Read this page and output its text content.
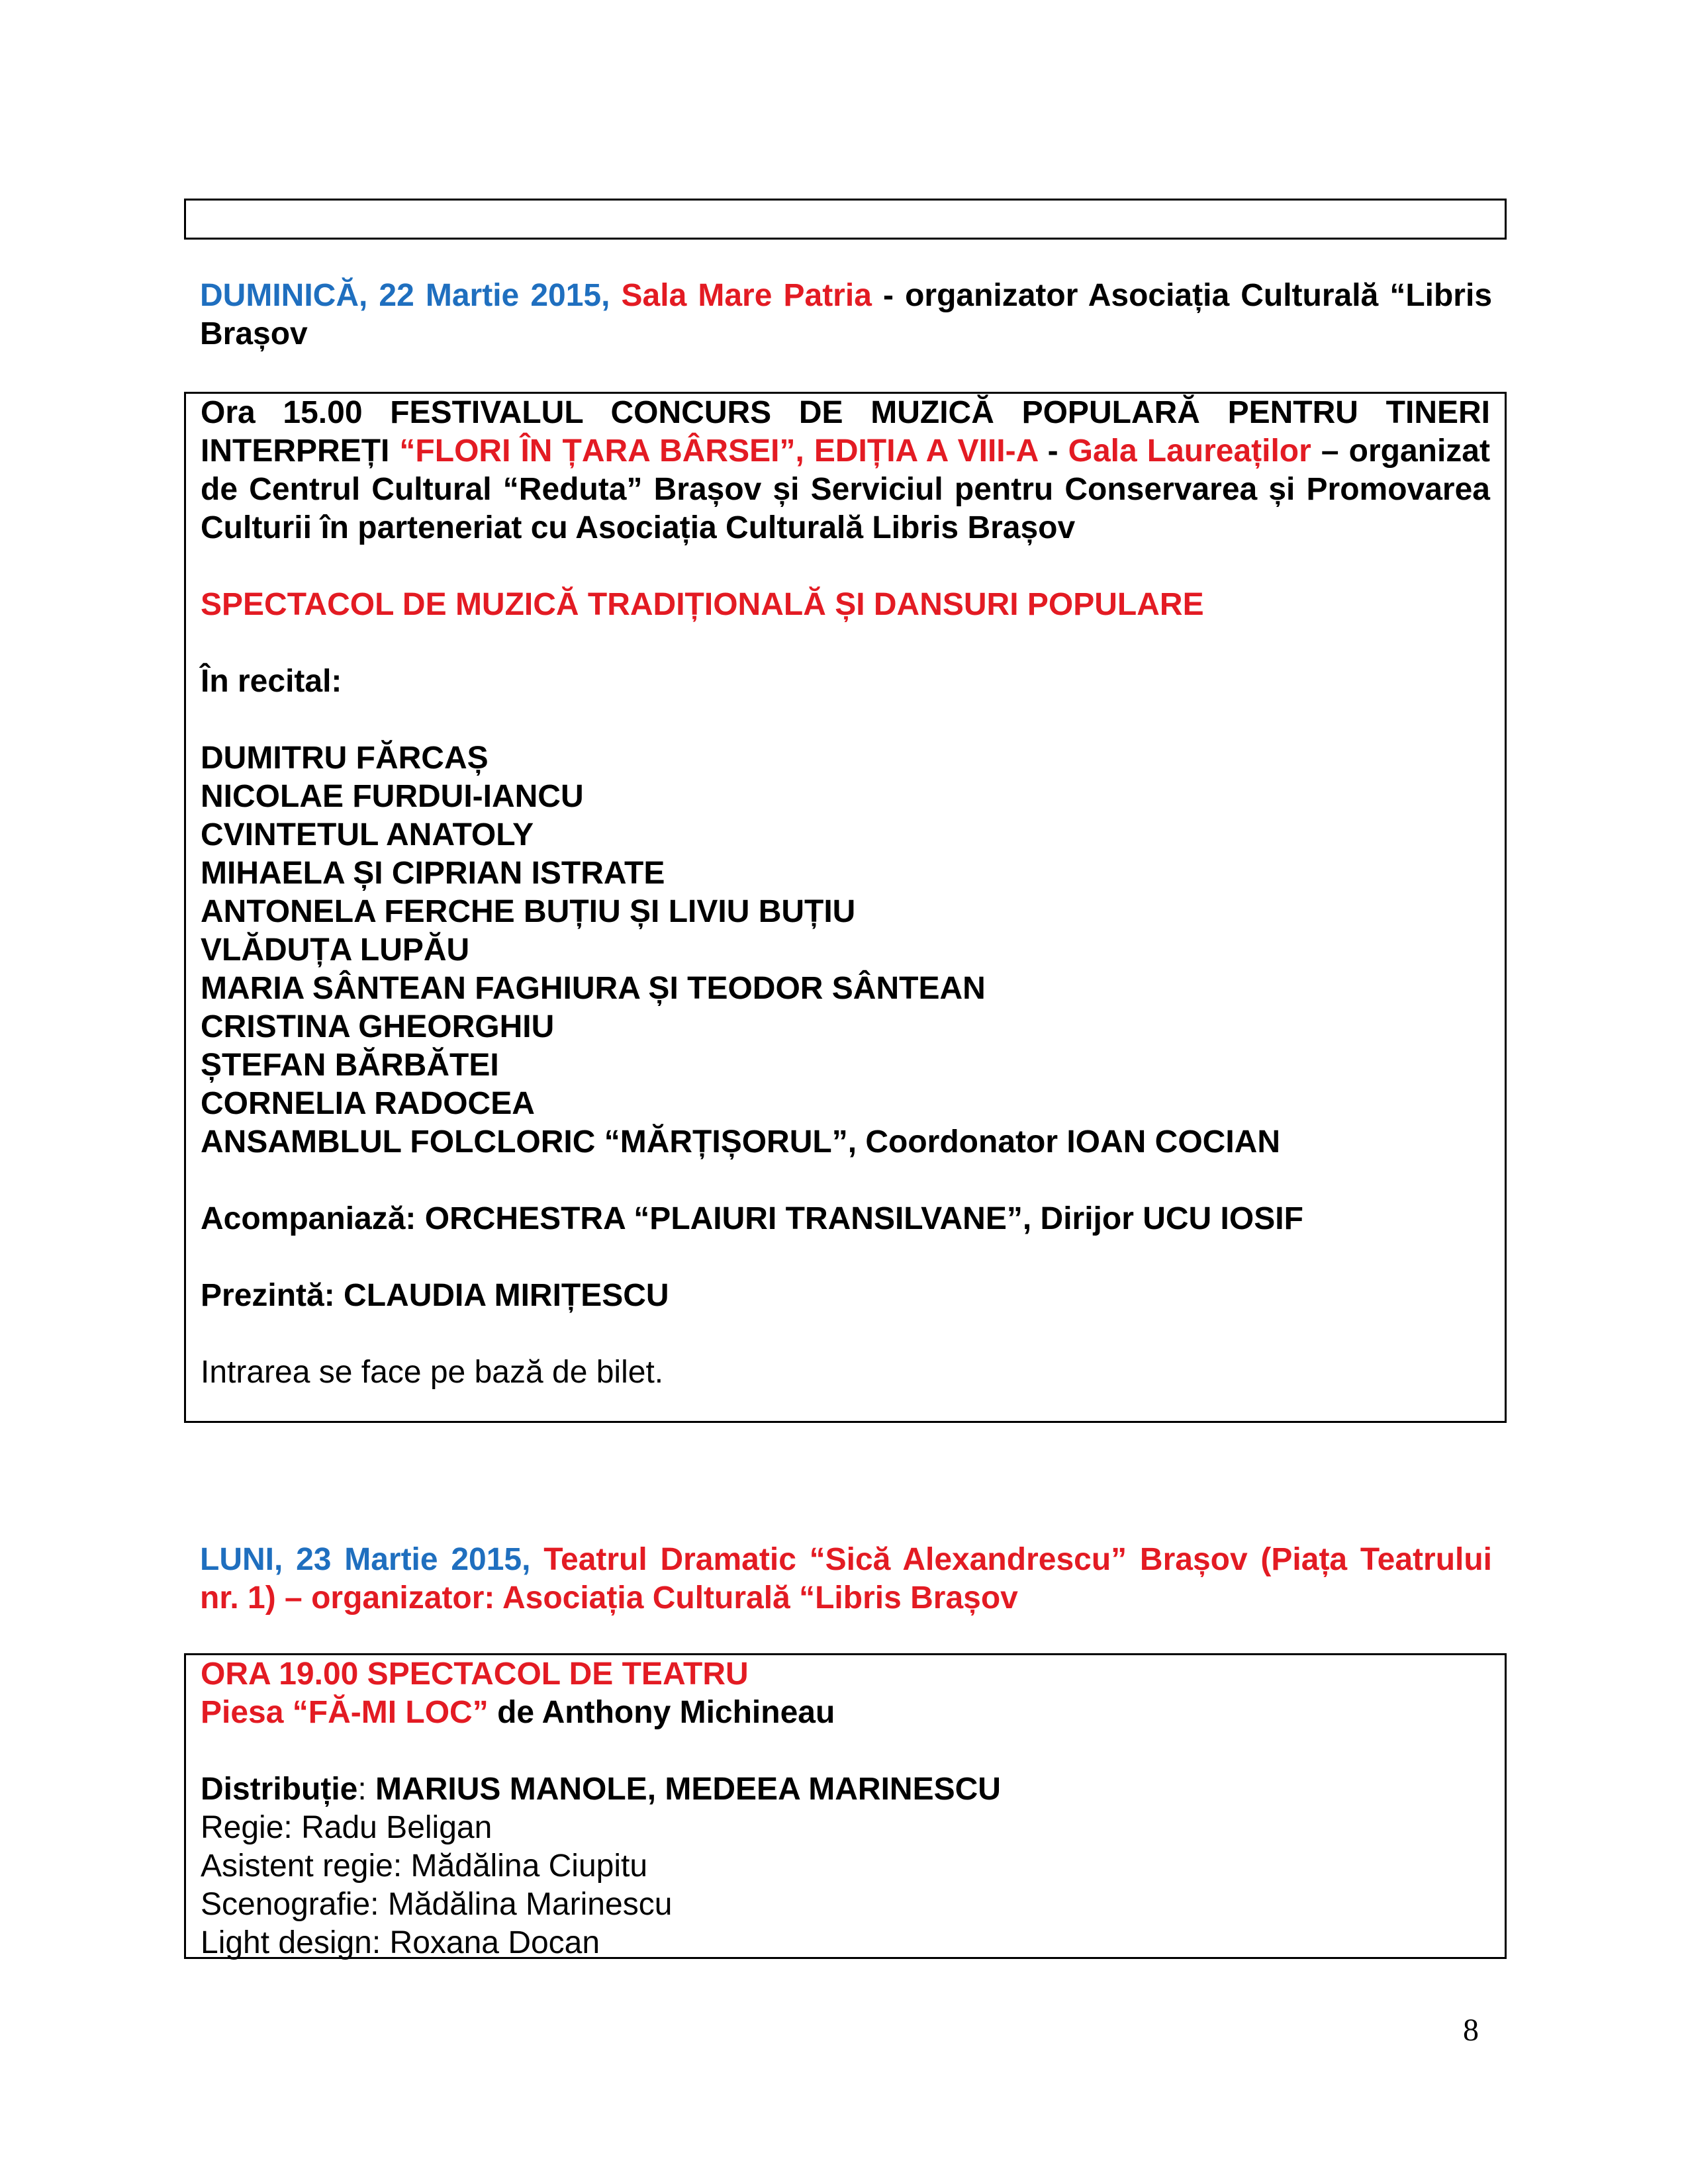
DUMINICĂ, 22 Martie 2015, Sala Mare Patria - organizator Asociația Culturală “Libris Brașov

Ora 15.00 FESTIVALUL CONCURS DE MUZICĂ POPULARĂ PENTRU TINERI INTERPREȚI “FLORI ÎN ȚARA BÂRSEI”, EDIȚIA A VIII-A - Gala Laureaților – organizat de Centrul Cultural “Reduta” Brașov și Serviciul pentru Conservarea și Promovarea Culturii în parteneriat cu Asociația Culturală Libris Brașov

SPECTACOL DE MUZICĂ TRADIȚIONALĂ ȘI DANSURI POPULARE

În recital:

DUMITRU FĂRCAȘ

NICOLAE FURDUI-IANCU

CVINTETUL ANATOLY

MIHAELA ȘI CIPRIAN ISTRATE

ANTONELA FERCHE BUȚIU ȘI LIVIU BUȚIU

VLĂDUȚA LUPĂU

MARIA SÂNTEAN FAGHIURA ȘI TEODOR SÂNTEAN

CRISTINA GHEORGHIU

ȘTEFAN BĂRBĂTEI

CORNELIA RADOCEA

ANSAMBLUL FOLCLORIC “MĂRȚIȘORUL”, Coordonator IOAN COCIAN

Acompaniază: ORCHESTRA “PLAIURI TRANSILVANE”, Dirijor UCU IOSIF

Prezintă: CLAUDIA MIRIȚESCU

Intrarea se face pe bază de bilet.

LUNI, 23 Martie 2015, Teatrul Dramatic “Sică Alexandrescu” Brașov (Piața Teatrului nr. 1) – organizator: Asociația Culturală “Libris Brașov

ORA 19.00 SPECTACOL DE TEATRU

Piesa “FĂ-MI LOC” de Anthony Michineau

Distribuție: MARIUS MANOLE, MEDEEA MARINESCU

Regie: Radu Beligan

Asistent regie: Mădălina Ciupitu

Scenografie: Mădălina Marinescu

Light design: Roxana Docan

8
